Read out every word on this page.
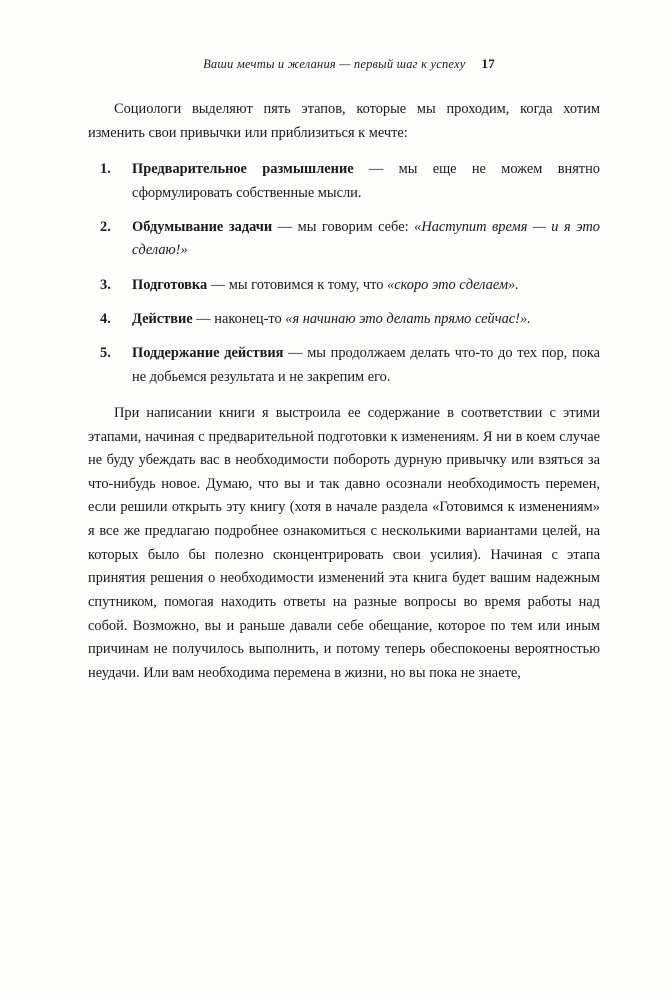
Ваши мечты и желания — первый шаг к успеху 17

Социологи выделяют пять этапов, которые мы проходим, когда хотим изменить свои привычки или приблизиться к мечте:

1. Предварительное размышление — мы еще не можем внятно сформулировать собственные мысли.
2. Обдумывание задачи — мы говорим себе: «Наступит время — и я это сделаю!»
3. Подготовка — мы готовимся к тому, что «скоро это сделаем».
4. Действие — наконец-то «я начинаю это делать прямо сейчас!».
5. Поддержание действия — мы продолжаем делать что-то до тех пор, пока не добьемся результата и не закрепим его.

При написании книги я выстроила ее содержание в соответствии с этими этапами, начиная с предварительной подготовки к изменениям. Я ни в коем случае не буду убеждать вас в необходимости побороть дурную привычку или взяться за что-нибудь новое. Думаю, что вы и так давно осознали необходимость перемен, если решили открыть эту книгу (хотя в начале раздела «Готовимся к изменениям» я все же предлагаю подробнее ознакомиться с несколькими вариантами целей, на которых было бы полезно сконцентрировать свои усилия). Начиная с этапа принятия решения о необходимости изменений эта книга будет вашим надежным спутником, помогая находить ответы на разные вопросы во время работы над собой. Возможно, вы и раньше давали себе обещание, которое по тем или иным причинам не получилось выполнить, и потому теперь обеспокоены вероятностью неудачи. Или вам необходима перемена в жизни, но вы пока не знаете,
